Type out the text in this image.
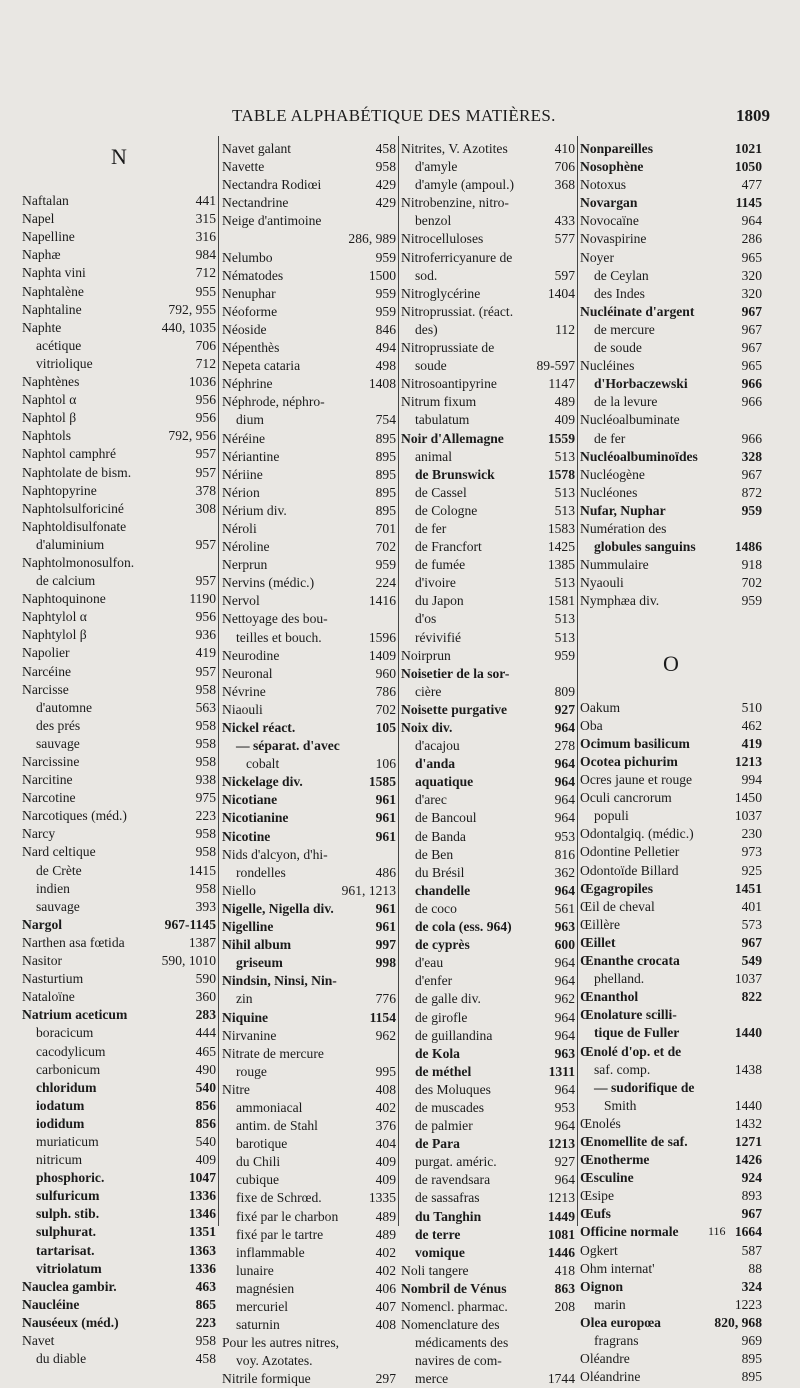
TABLE ALPHABÉTIQUE DES MATIÈRES.	1809
N
Naftalan	441
Napel	315
Napelline	316
Naphæ	984
Naphta vini	712
Naphtalène	955
Naphtaline	792, 955
Naphte	440, 1035
acétique	706
vitriolique	712
Naphtènes	1036
Naphtol α	956
Naphtol β	956
Naphtols	792, 956
Naphtol camphré	957
Naphtolate de bism.	957
Naphtopyrine	378
Naphtolsulforiciné	308
Naphtoldisulfonate
d'aluminium	957
Naphtolmonosulfon.
de calcium	957
Naphtoquinone	1190
Naphtylol α	956
Naphtylol β	936
Napolier	419
Narcéine	957
Narcisse	958
d'automne	563
des prés	958
sauvage	958
Narcissine	958
Narcitine	938
Narcotine	975
Narcotiques (méd.)	223
Narcy	958
Nard celtique	958
de Crète	1415
indien	958
sauvage	393
Nargol	967-1145
Narthen asa fœtida	1387
Nasitor	590, 1010
Nasturtium	590
Nataloïne	360
Natrium aceticum	283
boracicum	444
cacodylicum	465
carbonicum	490
chloridum	540
iodatum	856
iodidum	856
muriaticum	540
nitricum	409
phosphoric.	1047
sulfuricum	1336
sulph. stib.	1346
sulphurat.	1351
tartarisat.	1363
vitriolatum	1336
Nauclea gambir.	463
Naucléine	865
Nauséeux (méd.)	223
Navet	958
du diable	458
Navet galant	458
Navette	958
Nectandra Rodiœi	429
Nectandrine	429
Neige d'antimoine
286, 989
Nelumbo	959
Nématodes	1500
Nenuphar	959
Néoforme	959
Néoside	846
Népenthès	494
Nepeta cataria	498
Néphrine	1408
Néphrode, néphro-
dium	754
Néréine	895
Nériantine	895
Nériine	895
Nérion	895
Nérium div.	895
Néroli	701
Néroline	702
Nerprun	959
Nervins (médic.)	224
Nervol	1416
Nettoyage des bou-
teilles et bouch.	1596
Neurodine	1409
Neuronal	960
Névrine	786
Niaouli	702
Nickel réact.	105
— séparat. d'avec
cobalt	106
Nickelage div.	1585
Nicotiane	961
Nicotianine	961
Nicotine	961
Nids d'alcyon, d'hi-
rondelles	486
Niello	961, 1213
Nigelle, Nigella div.	961
Nigelline	961
Nihil album	997
griseum	998
Nindsin, Ninsi, Nin-
zin	776
Niquine	1154
Nirvanine	962
Nitrate de mercure
rouge	995
Nitre	408
ammoniacal	402
antim. de Stahl	376
barotique	404
du Chili	409
cubique	409
fixe de Schrœd.	1335
fixé par le charbon	489
fixé par le tartre	489
inflammable	402
lunaire	402
magnésien	406
mercuriel	407
saturnin	408
Pour les autres nitres,
voy. Azotates.
Nitrile formique	297
Nitrites, V. Azotites	410
d'amyle	706
d'amyle (ampoul.)	368
Nitrobenzine, nitro-
benzol	433
Nitrocelluloses	577
Nitroferricyanure de
sod.	597
Nitroglycérine	1404
Nitroprussiat. (réact.
des)	112
Nitroprussiate de
soude	89-597
Nitrosoantipyrine	1147
Nitrum fixum	489
tabulatum	409
Noir d'Allemagne	1559
animal	513
de Brunswick	1578
de Cassel	513
de Cologne	513
de fer	1583
de Francfort	1425
de fumée	1385
d'ivoire	513
du Japon	1581
d'os	513
révivifié	513
Noirprun	959
Noisetier de la sor-
cière	809
Noisette purgative	927
Noix div.	964
d'acajou	278
d'anda	964
aquatique	964
d'arec	964
de Bancoul	964
de Banda	953
de Ben	816
du Brésil	362
chandelle	964
de coco	561
de cola (ess. 964)	963
de cyprès	600
d'eau	964
d'enfer	964
de galle div.	962
de girofle	964
de guillandina	964
de Kola	963
de méthel	1311
des Moluques	964
de muscades	953
de palmier	964
de Para	1213
purgat. améric.	927
de ravendsara	964
de sassafras	1213
du Tanghin	1449
de terre	1081
vomique	1446
Noli tangere	418
Nombril de Vénus	863
Nomencl. pharmac.	208
Nomenclature des
médicaments des
navires de com-
merce	1744
Nonpareilles	1021
Nosophène	1050
Notoxus	477
Novargan	1145
Novocaïne	964
Novaspirine	286
Noyer	965
de Ceylan	320
des Indes	320
Nucléinate d'argent	967
de mercure	967
de soude	967
Nucléines	965
d'Horbaczewski	966
de la levure	966
Nucléoalbuminate
de fer	966
Nucléoalbuminoïdes	328
Nucléogène	967
Nucléones	872
Nufar, Nuphar	959
Numération des
globules sanguins	1486
Nummulaire	918
Nyaouli	702
Nymphæa div.	959
O
Oakum	510
Oba	462
Ocimum basilicum	419
Ocotea pichurim	1213
Ocres jaune et rouge	994
Oculi cancrorum	1450
populi	1037
Odontalgiq. (médic.)	230
Odontine Pelletier	973
Odontoïde Billard	925
Œgagropiles	1451
Œil de cheval	401
Œillère	573
Œillet	967
Œnanthe crocata	549
phelland.	1037
Œnanthol	822
Œnolature scilli-
tique de Fuller	1440
Œnolé d'op. et de
saf. comp.	1438
— sudorifique de
Smith	1440
Œnolés	1432
Œnomellite de saf.	1271
Œnotherme	1426
Œsculine	924
Œsipe	893
Œufs	967
Officine normale	1664
Ogkert	587
Ohm internat'	88
Oignon	324
marin	1223
Olea europœa	820, 968
fragrans	969
Oléandre	895
Oléandrine	895
116
